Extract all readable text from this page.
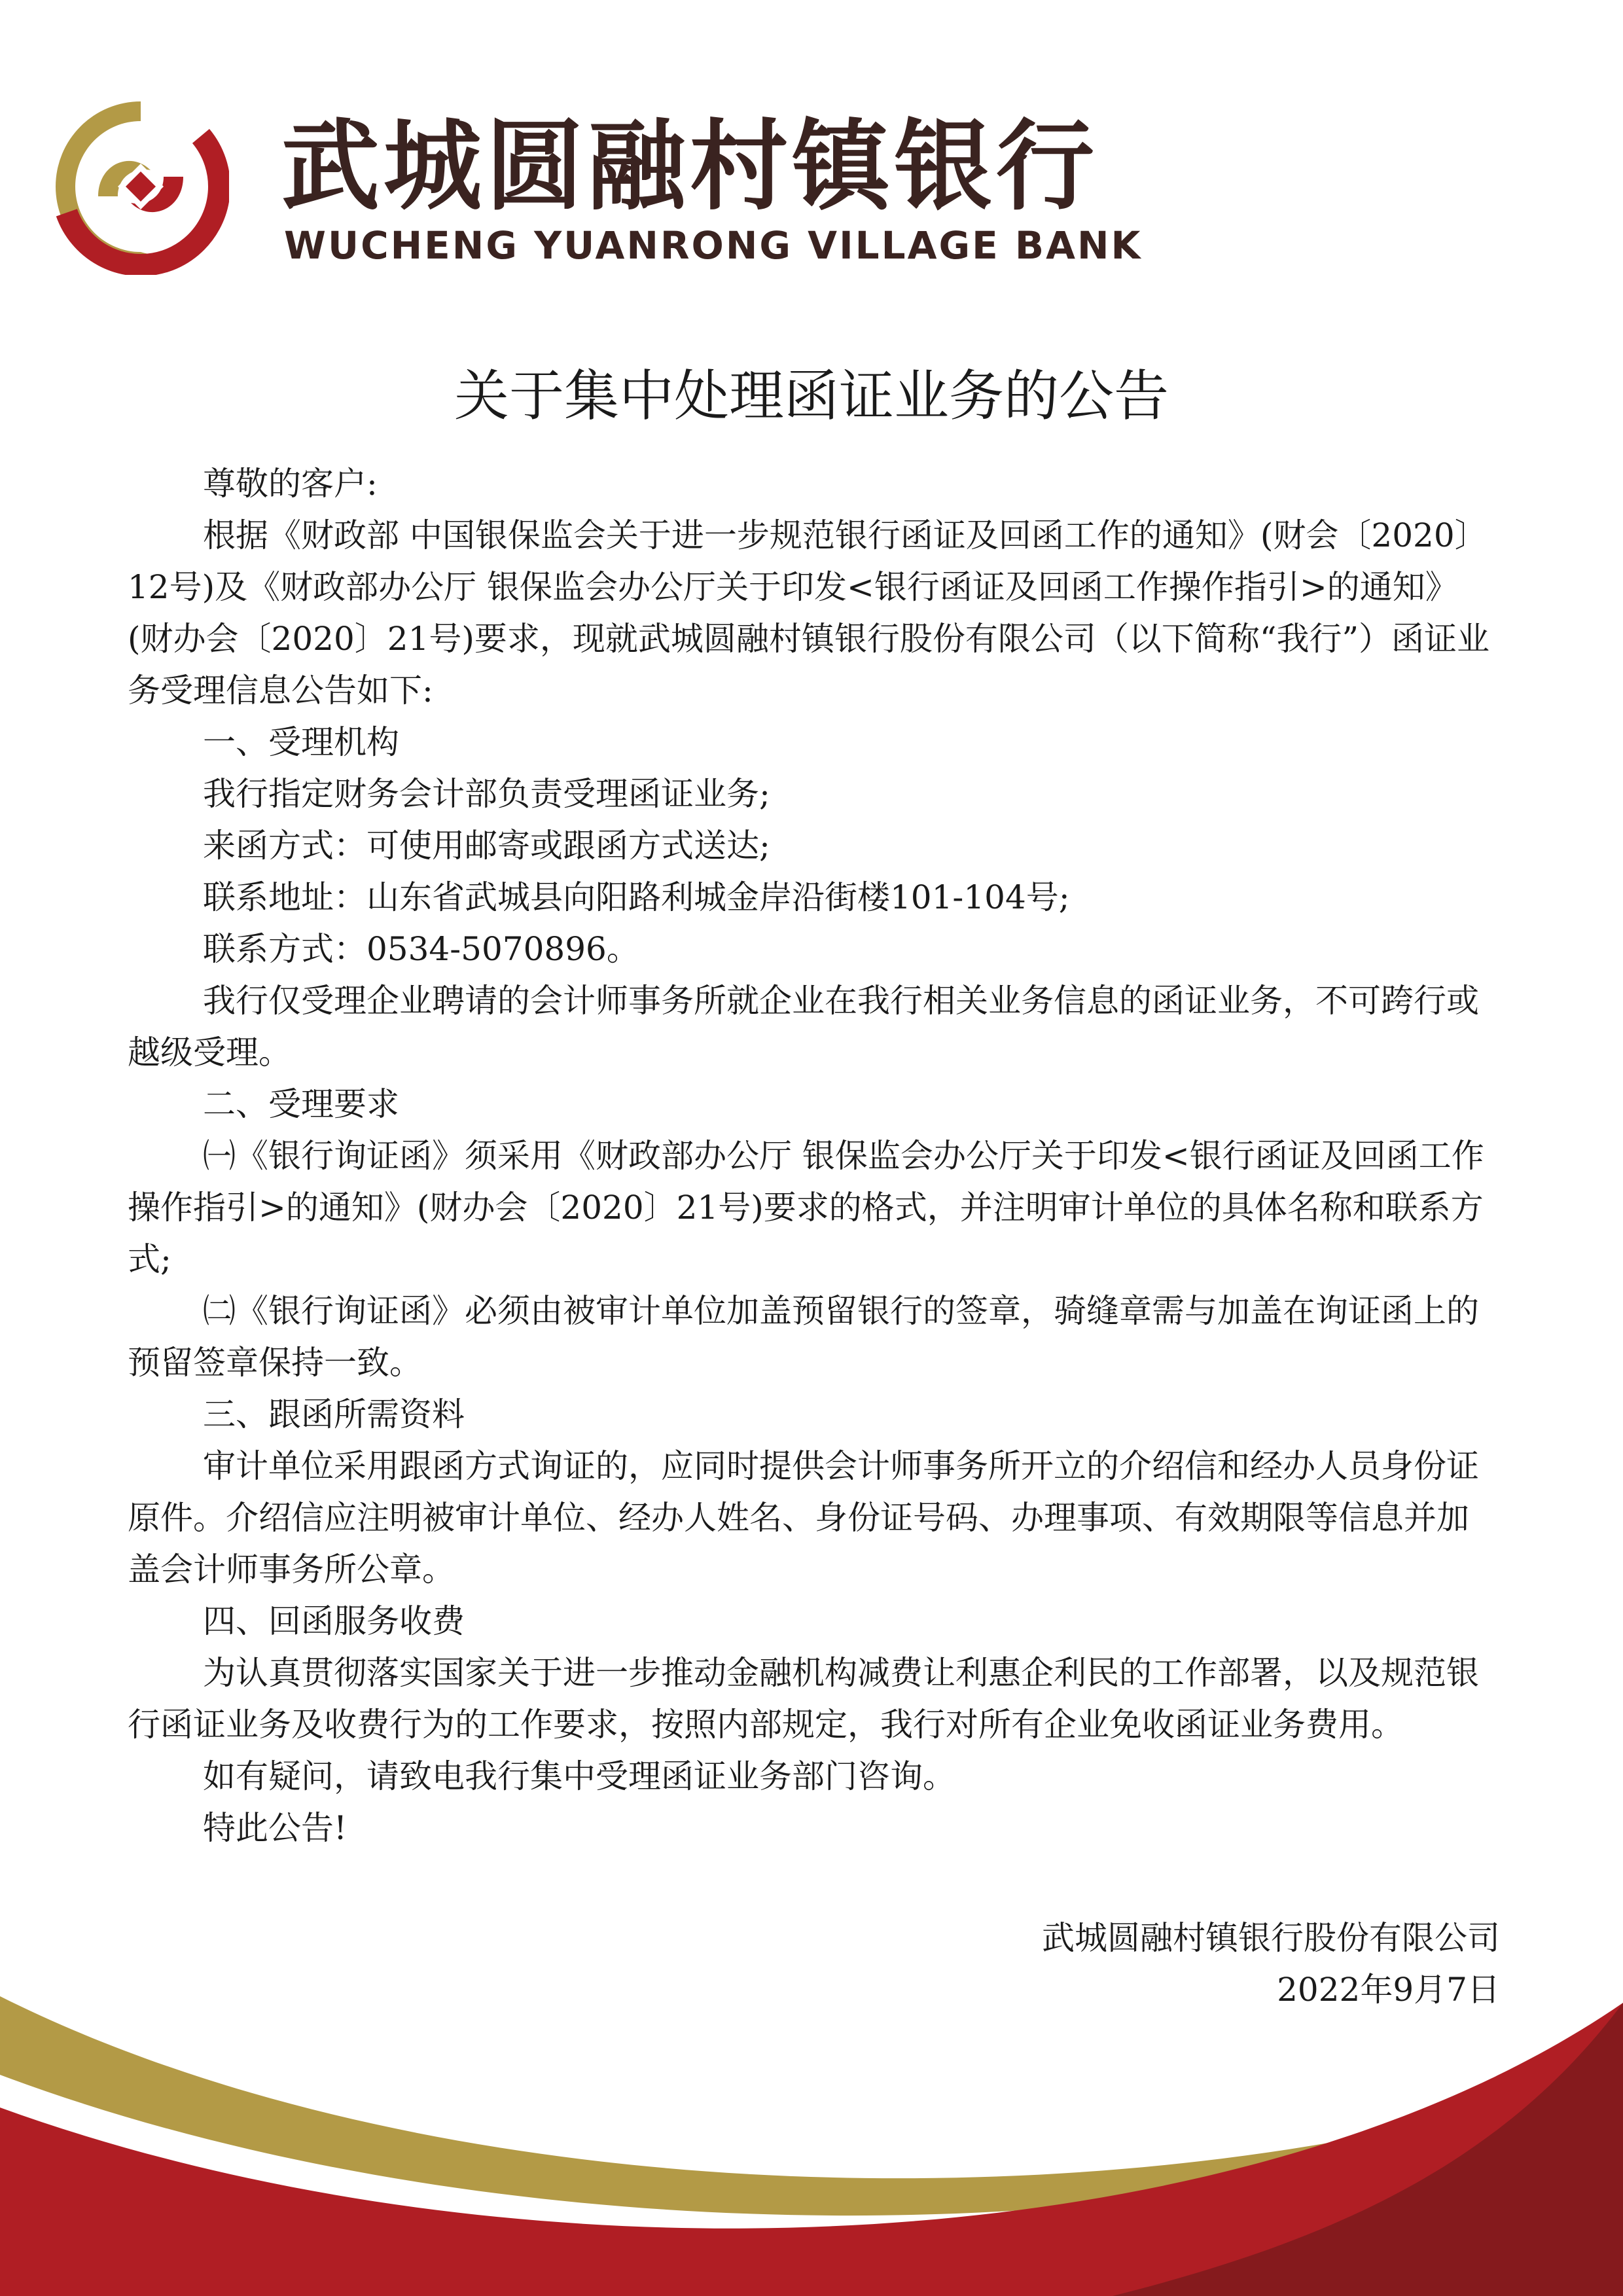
武城圆融村镇银行
WUCHENG YUANRONG VILLAGE BANK
关于集中处理函证业务的公告

尊敬的客户:

根据《财政部 中国银保监会关于进一步规范银行函证及回函工作的通知》(财会〔2020〕12号)及《财政部办公厅 银保监会办公厅关于印发<银行函证及回函工作操作指引>的通知》(财办会〔2020〕21号)要求，现就武城圆融村镇银行股份有限公司（以下简称“我行”）函证业务受理信息公告如下:

一、受理机构

我行指定财务会计部负责受理函证业务;

来函方式：可使用邮寄或跟函方式送达;

联系地址：山东省武城县向阳路利城金岸沿街楼101-104号;

联系方式：0534-5070896。

我行仅受理企业聘请的会计师事务所就企业在我行相关业务信息的函证业务，不可跨行或越级受理。

二、受理要求

㈠《银行询证函》须采用《财政部办公厅 银保监会办公厅关于印发<银行函证及回函工作操作指引>的通知》(财办会〔2020〕21号)要求的格式，并注明审计单位的具体名称和联系方式;

㈡《银行询证函》必须由被审计单位加盖预留银行的签章，骑缝章需与加盖在询证函上的预留签章保持一致。

三、跟函所需资料

审计单位采用跟函方式询证的，应同时提供会计师事务所开立的介绍信和经办人员身份证原件。介绍信应注明被审计单位、经办人姓名、身份证号码、办理事项、有效期限等信息并加盖会计师事务所公章。

四、回函服务收费

为认真贯彻落实国家关于进一步推动金融机构减费让利惠企利民的工作部署，以及规范银行函证业务及收费行为的工作要求，按照内部规定，我行对所有企业免收函证业务费用。

如有疑问，请致电我行集中受理函证业务部门咨询。

特此公告!

武城圆融村镇银行股份有限公司
2022年9月7日
